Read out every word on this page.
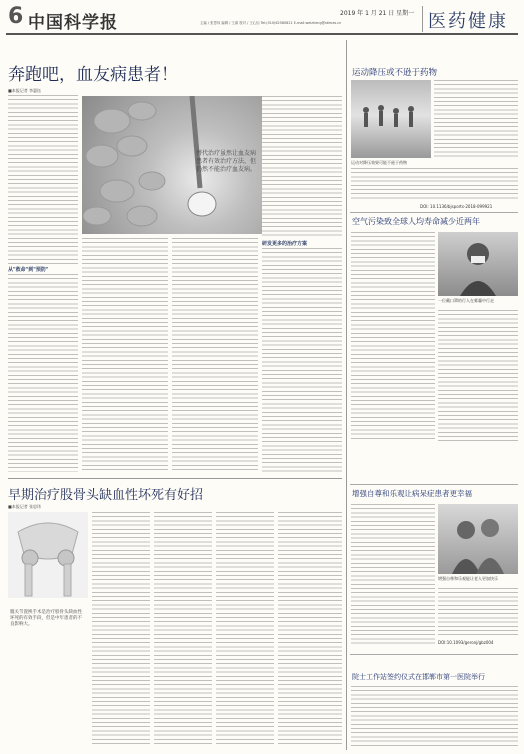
6 中国科学报	2019 年 1 月 21 日 星期一
主编 / 张思玮 编辑 / 王睿 校对 / 王心怡 Tel:(010)62580821 E-mail:weizheng@stimes.cn	医药健康
奔跑吧，血友病患者！
■本报记者 李惠钰
从"救命"到"预防"
替代治疗虽然让血友病患者有效治疗方法，但仍然不能治疗血友病。
研发更多的治疗方案
早期治疗股骨头缺血性坏死有好招
■本报记者 张思玮
髋关节置换手术是治疗股骨头缺血性坏死的有效手段，但是中年患者的不良影响大。
运动降压或不逊于药物
运动对降压效果可能不逊于药物
DOI: 10.1136/bjsports-2018-099921
空气污染致全球人均寿命减少近两年
一位戴口罩的行人在雾霾中行走
增强自尊和乐观让病呆症患者更幸福
增强自尊和乐观能让老人更加快乐
DOI:10.1093/geronj/gbz004
院士工作站签约仪式在邯郸市第一医院举行
